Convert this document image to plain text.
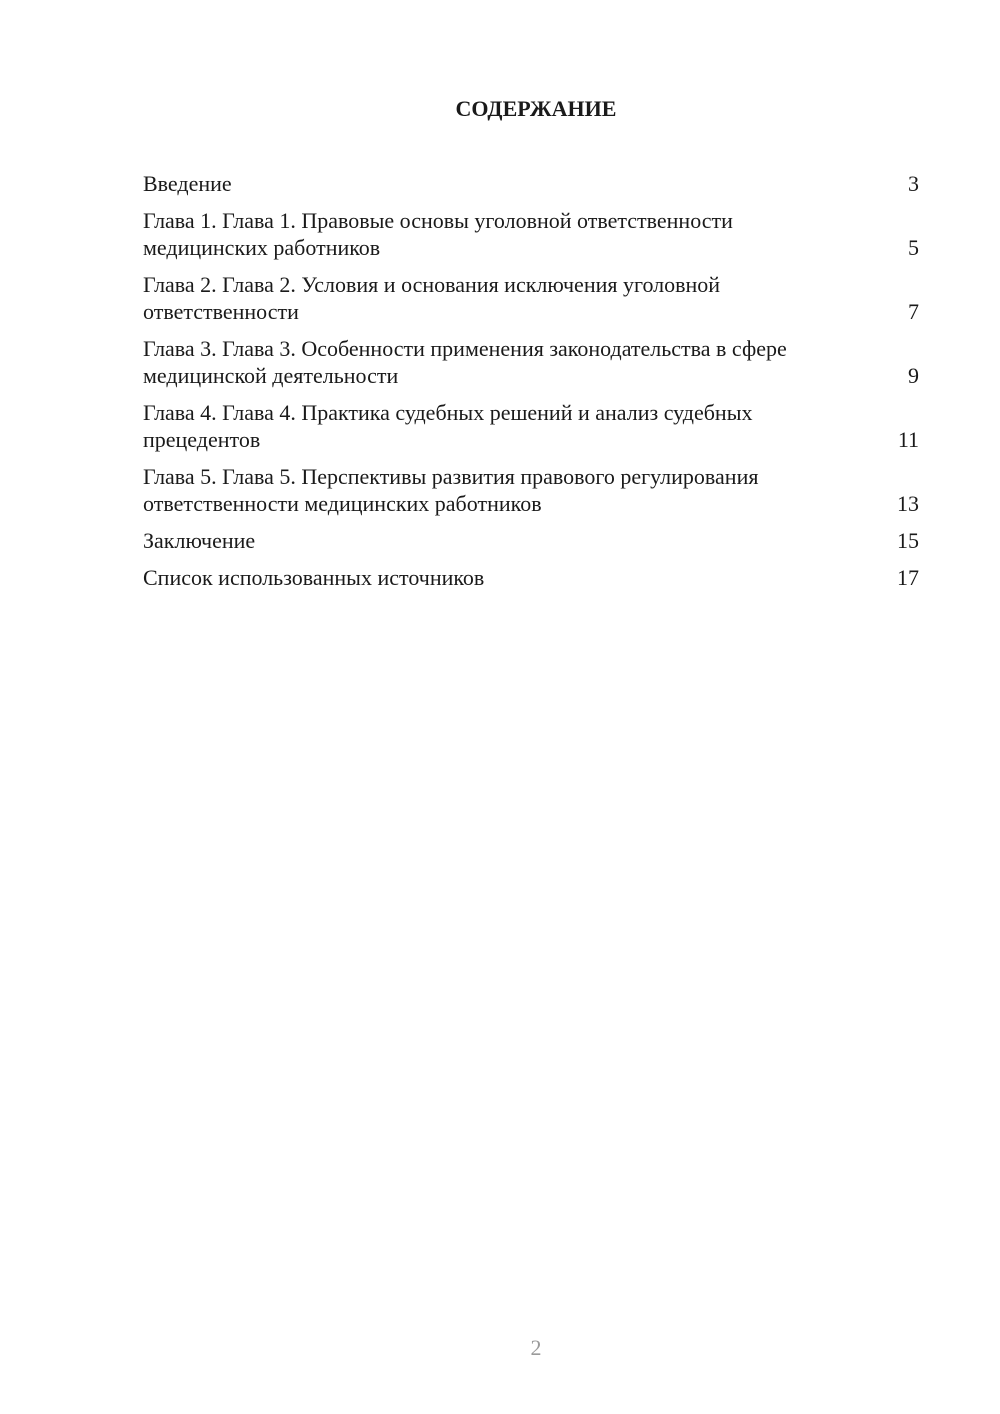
СОДЕРЖАНИЕ
Введение	3
Глава 1. Глава 1. Правовые основы уголовной ответственности медицинских работников	5
Глава 2. Глава 2. Условия и основания исключения уголовной ответственности	7
Глава 3. Глава 3. Особенности применения законодательства в сфере медицинской деятельности	9
Глава 4. Глава 4. Практика судебных решений и анализ судебных прецедентов	11
Глава 5. Глава 5. Перспективы развития правового регулирования ответственности медицинских работников	13
Заключение	15
Список использованных источников	17
2
